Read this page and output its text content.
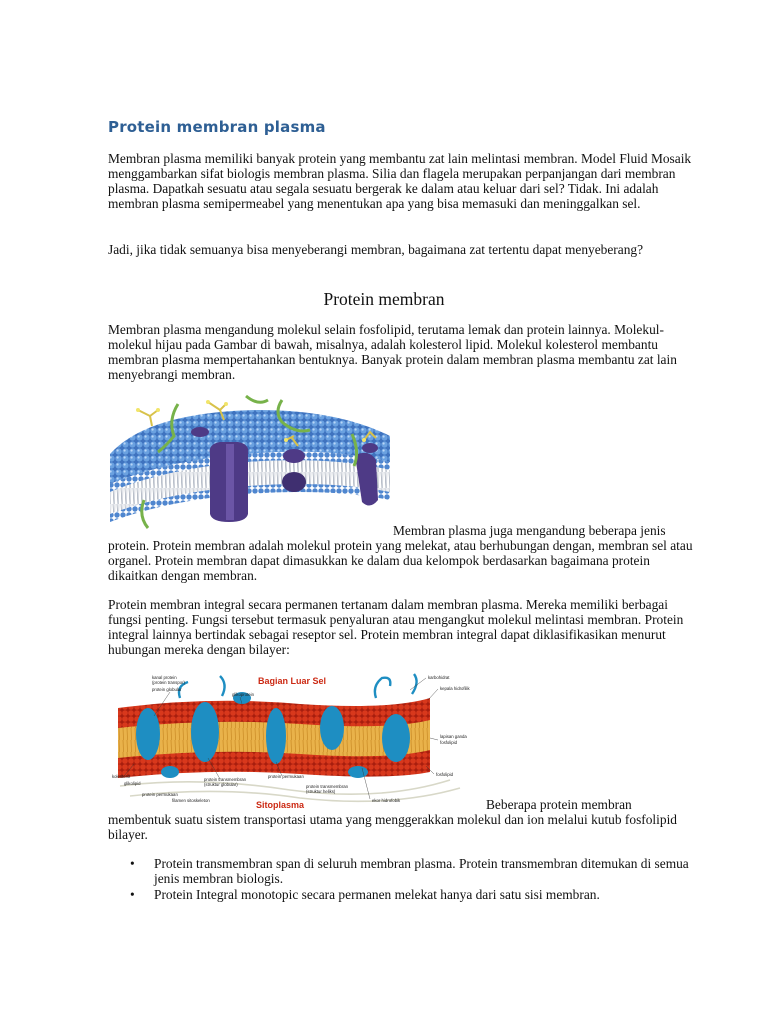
Protein membran plasma

Membran plasma memiliki banyak protein yang membantu zat lain melintasi membran. Model Fluid Mosaik menggambarkan sifat biologis membran plasma. Silia dan flagela merupakan perpanjangan dari membran plasma. Dapatkah sesuatu atau segala sesuatu bergerak ke dalam atau keluar dari sel? Tidak. Ini adalah membran plasma semipermeabel yang menentukan apa yang bisa memasuki dan meninggalkan sel.

Jadi, jika tidak semuanya bisa menyeberangi membran, bagaimana zat tertentu dapat menyeberang?

Protein membran

Membran plasma mengandung molekul selain fosfolipid, terutama lemak dan protein lainnya. Molekul-molekul hijau pada Gambar di bawah, misalnya, adalah kolesterol lipid. Molekul kolesterol membantu membran plasma mempertahankan bentuknya. Banyak protein dalam membran plasma membantu zat lain menyebrangi membran.

Membran plasma juga mengandung beberapa jenis protein. Protein membran adalah molekul protein yang melekat, atau berhubungan dengan, membran sel atau organel. Protein membran dapat dimasukkan ke dalam dua kelompok berdasarkan bagaimana protein dikaitkan dengan membran.

Protein membran integral secara permanen tertanam dalam membran plasma. Mereka memiliki berbagai fungsi penting. Fungsi tersebut termasuk penyaluran atau mengangkut molekul melintasi membran. Protein integral lainnya bertindak sebagai reseptor sel. Protein membran integral dapat diklasifikasikan menurut hubungan mereka dengan bilayer:

Bagian Luar Sel
Sitoplasma
kanal protein
(protein transpor)
protein globular
glikoprotein
karbohidrat
kepala hidrofilik
lapisan ganda
fosfolipid
kolesterol
glikolipid
protein transmembran
(struktur globular)
protein permukaan
protein transmembran
(struktur heliks)
protein permukaan
filamen sitoskeleton	ekor hidrofobik
fosfolipid

Beberapa protein membran membentuk suatu sistem transportasi utama yang menggerakkan molekul dan ion melalui kutub fosfolipid bilayer.

• Protein transmembran span di seluruh membran plasma. Protein transmembran ditemukan di semua jenis membran biologis.
• Protein Integral monotopic secara permanen melekat hanya dari satu sisi membran.
